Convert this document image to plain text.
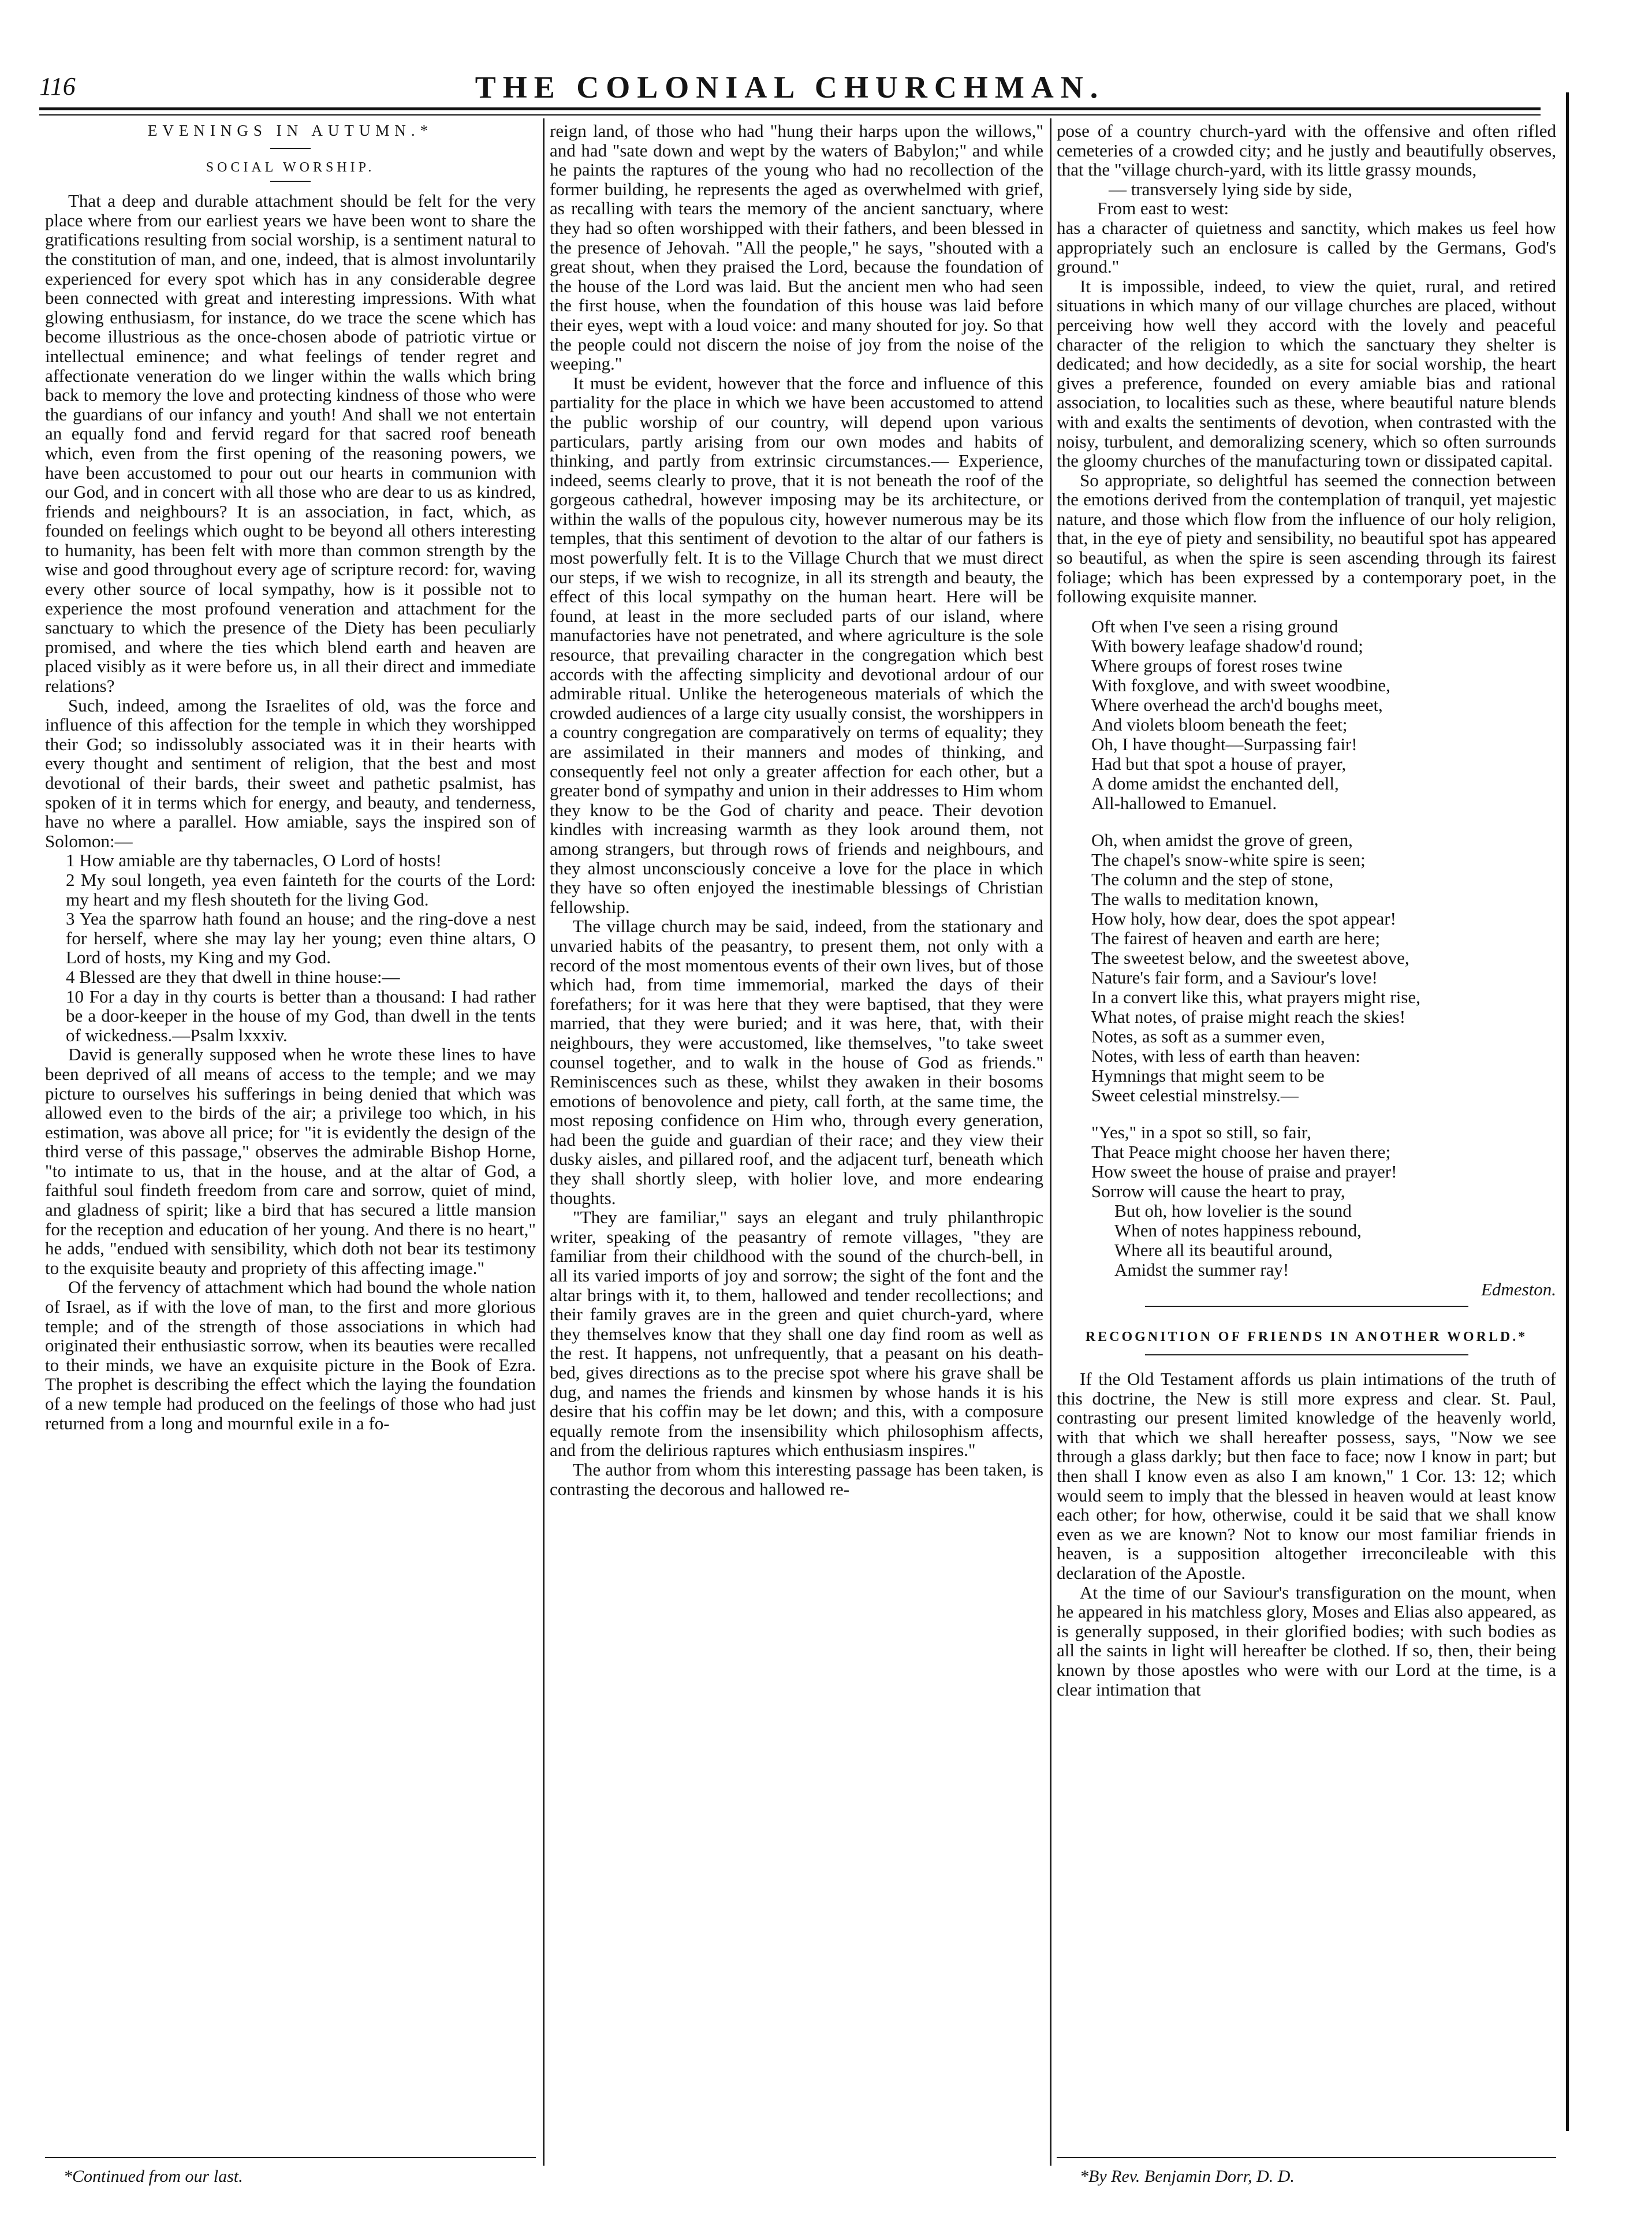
116	THE COLONIAL CHURCHMAN.
EVENINGS IN AUTUMN.*
SOCIAL WORSHIP.

That a deep and durable attachment should be felt for the very place where from our earliest years we have been wont to share the gratifications resulting from social worship, is a sentiment natural to the constitution of man, and one, indeed, that is almost involuntarily experienced for every spot which has in any considerable degree been connected with great and interesting impressions. With what glowing enthusiasm, for instance, do we trace the scene which has become illustrious as the once-chosen abode of patriotic virtue or intellectual eminence; and what feelings of tender regret and affectionate veneration do we linger within the walls which bring back to memory the love and protecting kindness of those who were the guardians of our infancy and youth! And shall we not entertain an equally fond and fervid regard for that sacred roof beneath which, even from the first opening of the reasoning powers, we have been accustomed to pour out our hearts in communion with our God, and in concert with all those who are dear to us as kindred, friends and neighbours? It is an association, in fact, which, as founded on feelings which ought to be beyond all others interesting to humanity, has been felt with more than common strength by the wise and good throughout every age of scripture record: for, waving every other source of local sympathy, how is it possible not to experience the most profound veneration and attachment for the sanctuary to which the presence of the Diety has been peculiarly promised, and where the ties which blend earth and heaven are placed visibly as it were before us, in all their direct and immediate relations?

Such, indeed, among the Israelites of old, was the force and influence of this affection for the temple in which they worshipped their God; so indissolubly associated was it in their hearts with every thought and sentiment of religion, that the best and most devotional of their bards, their sweet and pathetic psalmist, has spoken of it in terms which for energy, and beauty, and tenderness, have no where a parallel. How amiable, says the inspired son of Solomon:—

1 How amiable are thy tabernacles, O Lord of hosts!

2 My soul longeth, yea even fainteth for the courts of the Lord: my heart and my flesh shouteth for the living God.

3 Yea the sparrow hath found an house; and the ring-dove a nest for herself, where she may lay her young; even thine altars, O Lord of hosts, my King and my God.

4 Blessed are they that dwell in thine house:—

10 For a day in thy courts is better than a thousand: I had rather be a door-keeper in the house of my God, than dwell in the tents of wickedness.—Psalm lxxxiv.

David is generally supposed when he wrote these lines to have been deprived of all means of access to the temple; and we may picture to ourselves his sufferings in being denied that which was allowed even to the birds of the air; a privilege too which, in his estimation, was above all price; for "it is evidently the design of the third verse of this passage," observes the admirable Bishop Horne, "to intimate to us, that in the house, and at the altar of God, a faithful soul findeth freedom from care and sorrow, quiet of mind, and gladness of spirit; like a bird that has secured a little mansion for the reception and education of her young. And there is no heart," he adds, "endued with sensibility, which doth not bear its testimony to the exquisite beauty and propriety of this affecting image."

Of the fervency of attachment which had bound the whole nation of Israel, as if with the love of man, to the first and more glorious temple; and of the strength of those associations in which had originated their enthusiastic sorrow, when its beauties were recalled to their minds, we have an exquisite picture in the Book of Ezra. The prophet is describing the effect which the laying the foundation of a new temple had produced on the feelings of those who had just returned from a long and mournful exile in a fo-

*Continued from our last.

reign land, of those who had "hung their harps upon the willows," and had "sate down and wept by the waters of Babylon;" and while he paints the raptures of the young who had no recollection of the former building, he represents the aged as overwhelmed with grief, as recalling with tears the memory of the ancient sanctuary, where they had so often worshipped with their fathers, and been blessed in the presence of Jehovah. "All the people," he says, "shouted with a great shout, when they praised the Lord, because the foundation of the house of the Lord was laid. But the ancient men who had seen the first house, when the foundation of this house was laid before their eyes, wept with a loud voice: and many shouted for joy. So that the people could not discern the noise of joy from the noise of the weeping."

It must be evident, however that the force and influence of this partiality for the place in which we have been accustomed to attend the public worship of our country, will depend upon various particulars, partly arising from our own modes and habits of thinking, and partly from extrinsic circumstances.— Experience, indeed, seems clearly to prove, that it is not beneath the roof of the gorgeous cathedral, however imposing may be its architecture, or within the walls of the populous city, however numerous may be its temples, that this sentiment of devotion to the altar of our fathers is most powerfully felt. It is to the Village Church that we must direct our steps, if we wish to recognize, in all its strength and beauty, the effect of this local sympathy on the human heart. Here will be found, at least in the more secluded parts of our island, where manufactories have not penetrated, and where agriculture is the sole resource, that prevailing character in the congregation which best accords with the affecting simplicity and devotional ardour of our admirable ritual. Unlike the heterogeneous materials of which the crowded audiences of a large city usually consist, the worshippers in a country congregation are comparatively on terms of equality; they are assimilated in their manners and modes of thinking, and consequently feel not only a greater affection for each other, but a greater bond of sympathy and union in their addresses to Him whom they know to be the God of charity and peace. Their devotion kindles with increasing warmth as they look around them, not among strangers, but through rows of friends and neighbours, and they almost unconsciously conceive a love for the place in which they have so often enjoyed the inestimable blessings of Christian fellowship.

The village church may be said, indeed, from the stationary and unvaried habits of the peasantry, to present them, not only with a record of the most momentous events of their own lives, but of those which had, from time immemorial, marked the days of their forefathers; for it was here that they were baptised, that they were married, that they were buried; and it was here, that, with their neighbours, they were accustomed, like themselves, "to take sweet counsel together, and to walk in the house of God as friends." Reminiscences such as these, whilst they awaken in their bosoms emotions of benovolence and piety, call forth, at the same time, the most reposing confidence on Him who, through every generation, had been the guide and guardian of their race; and they view their dusky aisles, and pillared roof, and the adjacent turf, beneath which they shall shortly sleep, with holier love, and more endearing thoughts.

"They are familiar," says an elegant and truly philanthropic writer, speaking of the peasantry of remote villages, "they are familiar from their childhood with the sound of the church-bell, in all its varied imports of joy and sorrow; the sight of the font and the altar brings with it, to them, hallowed and tender recollections; and their family graves are in the green and quiet church-yard, where they themselves know that they shall one day find room as well as the rest. It happens, not unfrequently, that a peasant on his death-bed, gives directions as to the precise spot where his grave shall be dug, and names the friends and kinsmen by whose hands it is his desire that his coffin may be let down; and this, with a composure equally remote from the insensibility which philosophism affects, and from the delirious raptures which enthusiasm inspires."

The author from whom this interesting passage has been taken, is contrasting the decorous and hallowed re-

pose of a country church-yard with the offensive and often rifled cemeteries of a crowded city; and he justly and beautifully observes, that the "village church-yard, with its little grassy mounds,

— transversely lying side by side,

From east to west:

has a character of quietness and sanctity, which makes us feel how appropriately such an enclosure is called by the Germans, God's ground."

It is impossible, indeed, to view the quiet, rural, and retired situations in which many of our village churches are placed, without perceiving how well they accord with the lovely and peaceful character of the religion to which the sanctuary they shelter is dedicated; and how decidedly, as a site for social worship, the heart gives a preference, founded on every amiable bias and rational association, to localities such as these, where beautiful nature blends with and exalts the sentiments of devotion, when contrasted with the noisy, turbulent, and demoralizing scenery, which so often surrounds the gloomy churches of the manufacturing town or dissipated capital.

So appropriate, so delightful has seemed the connection between the emotions derived from the contemplation of tranquil, yet majestic nature, and those which flow from the influence of our holy religion, that, in the eye of piety and sensibility, no beautiful spot has appeared so beautiful, as when the spire is seen ascending through its fairest foliage; which has been expressed by a contemporary poet, in the following exquisite manner.

Oft when I've seen a rising ground

With bowery leafage shadow'd round;

Where groups of forest roses twine

With foxglove, and with sweet woodbine,

Where overhead the arch'd boughs meet,

And violets bloom beneath the feet;

Oh, I have thought—Surpassing fair!

Had but that spot a house of prayer,

A dome amidst the enchanted dell,

All-hallowed to Emanuel.

Oh, when amidst the grove of green,

The chapel's snow-white spire is seen;

The column and the step of stone,

The walls to meditation known,

How holy, how dear, does the spot appear!

The fairest of heaven and earth are here;

The sweetest below, and the sweetest above,

Nature's fair form, and a Saviour's love!

In a convert like this, what prayers might rise,

What notes, of praise might reach the skies!

Notes, as soft as a summer even,

Notes, with less of earth than heaven:

Hymnings that might seem to be

Sweet celestial minstrelsy.—

"Yes," in a spot so still, so fair,

That Peace might choose her haven there;

How sweet the house of praise and prayer!

Sorrow will cause the heart to pray,

But oh, how lovelier is the sound

When of notes happiness rebound,

Where all its beautiful around,

Amidst the summer ray!

Edmeston.

RECOGNITION OF FRIENDS IN ANOTHER WORLD.*

If the Old Testament affords us plain intimations of the truth of this doctrine, the New is still more express and clear. St. Paul, contrasting our present limited knowledge of the heavenly world, with that which we shall hereafter possess, says, "Now we see through a glass darkly; but then face to face; now I know in part; but then shall I know even as also I am known," 1 Cor. 13: 12; which would seem to imply that the blessed in heaven would at least know each other; for how, otherwise, could it be said that we shall know even as we are known? Not to know our most familiar friends in heaven, is a supposition altogether irreconcileable with this declaration of the Apostle.

At the time of our Saviour's transfiguration on the mount, when he appeared in his matchless glory, Moses and Elias also appeared, as is generally supposed, in their glorified bodies; with such bodies as all the saints in light will hereafter be clothed. If so, then, their being known by those apostles who were with our Lord at the time, is a clear intimation that

*By Rev. Benjamin Dorr, D. D.
